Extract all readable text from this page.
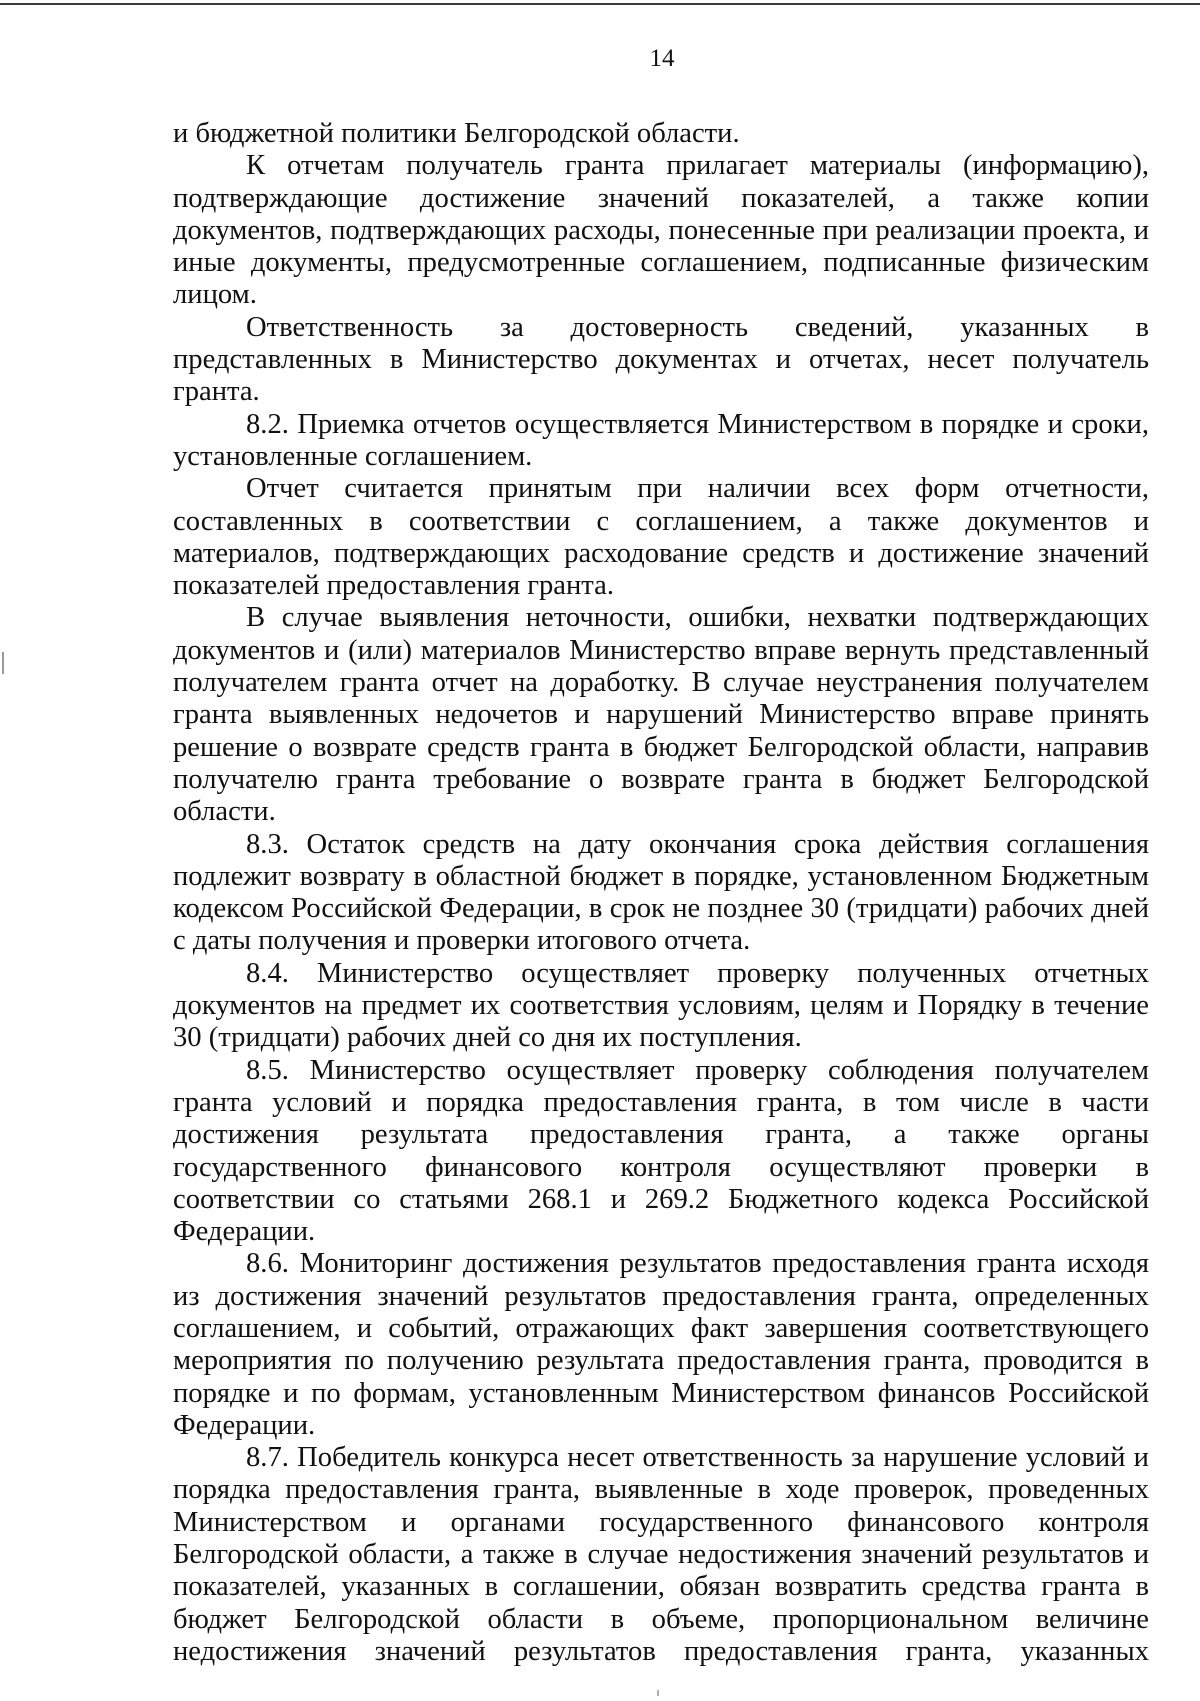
14

и бюджетной политики Белгородской области.

К отчетам получатель гранта прилагает материалы (информацию), подтверждающие достижение значений показателей, а также копии документов, подтверждающих расходы, понесенные при реализации проекта, и иные документы, предусмотренные соглашением, подписанные физическим лицом.

Ответственность за достоверность сведений, указанных в представленных в Министерство документах и отчетах, несет получатель гранта.

8.2. Приемка отчетов осуществляется Министерством в порядке и сроки, установленные соглашением.

Отчет считается принятым при наличии всех форм отчетности, составленных в соответствии с соглашением, а также документов и материалов, подтверждающих расходование средств и достижение значений показателей предоставления гранта.

В случае выявления неточности, ошибки, нехватки подтверждающих документов и (или) материалов Министерство вправе вернуть представленный получателем гранта отчет на доработку. В случае неустранения получателем гранта выявленных недочетов и нарушений Министерство вправе принять решение о возврате средств гранта в бюджет Белгородской области, направив получателю гранта требование о возврате гранта в бюджет Белгородской области.

8.3. Остаток средств на дату окончания срока действия соглашения подлежит возврату в областной бюджет в порядке, установленном Бюджетным кодексом Российской Федерации, в срок не позднее 30 (тридцати) рабочих дней с даты получения и проверки итогового отчета.

8.4. Министерство осуществляет проверку полученных отчетных документов на предмет их соответствия условиям, целям и Порядку в течение 30 (тридцати) рабочих дней со дня их поступления.

8.5. Министерство осуществляет проверку соблюдения получателем гранта условий и порядка предоставления гранта, в том числе в части достижения результата предоставления гранта, а также органы государственного финансового контроля осуществляют проверки в соответствии со статьями 268.1 и 269.2 Бюджетного кодекса Российской Федерации.

8.6. Мониторинг достижения результатов предоставления гранта исходя из достижения значений результатов предоставления гранта, определенных соглашением, и событий, отражающих факт завершения соответствующего мероприятия по получению результата предоставления гранта, проводится в порядке и по формам, установленным Министерством финансов Российской Федерации.

8.7. Победитель конкурса несет ответственность за нарушение условий и порядка предоставления гранта, выявленные в ходе проверок, проведенных Министерством и органами государственного финансового контроля Белгородской области, а также в случае недостижения значений результатов и показателей, указанных в соглашении, обязан возвратить средства гранта в бюджет Белгородской области в объеме, пропорциональном величине недостижения значений результатов предоставления гранта, указанных
